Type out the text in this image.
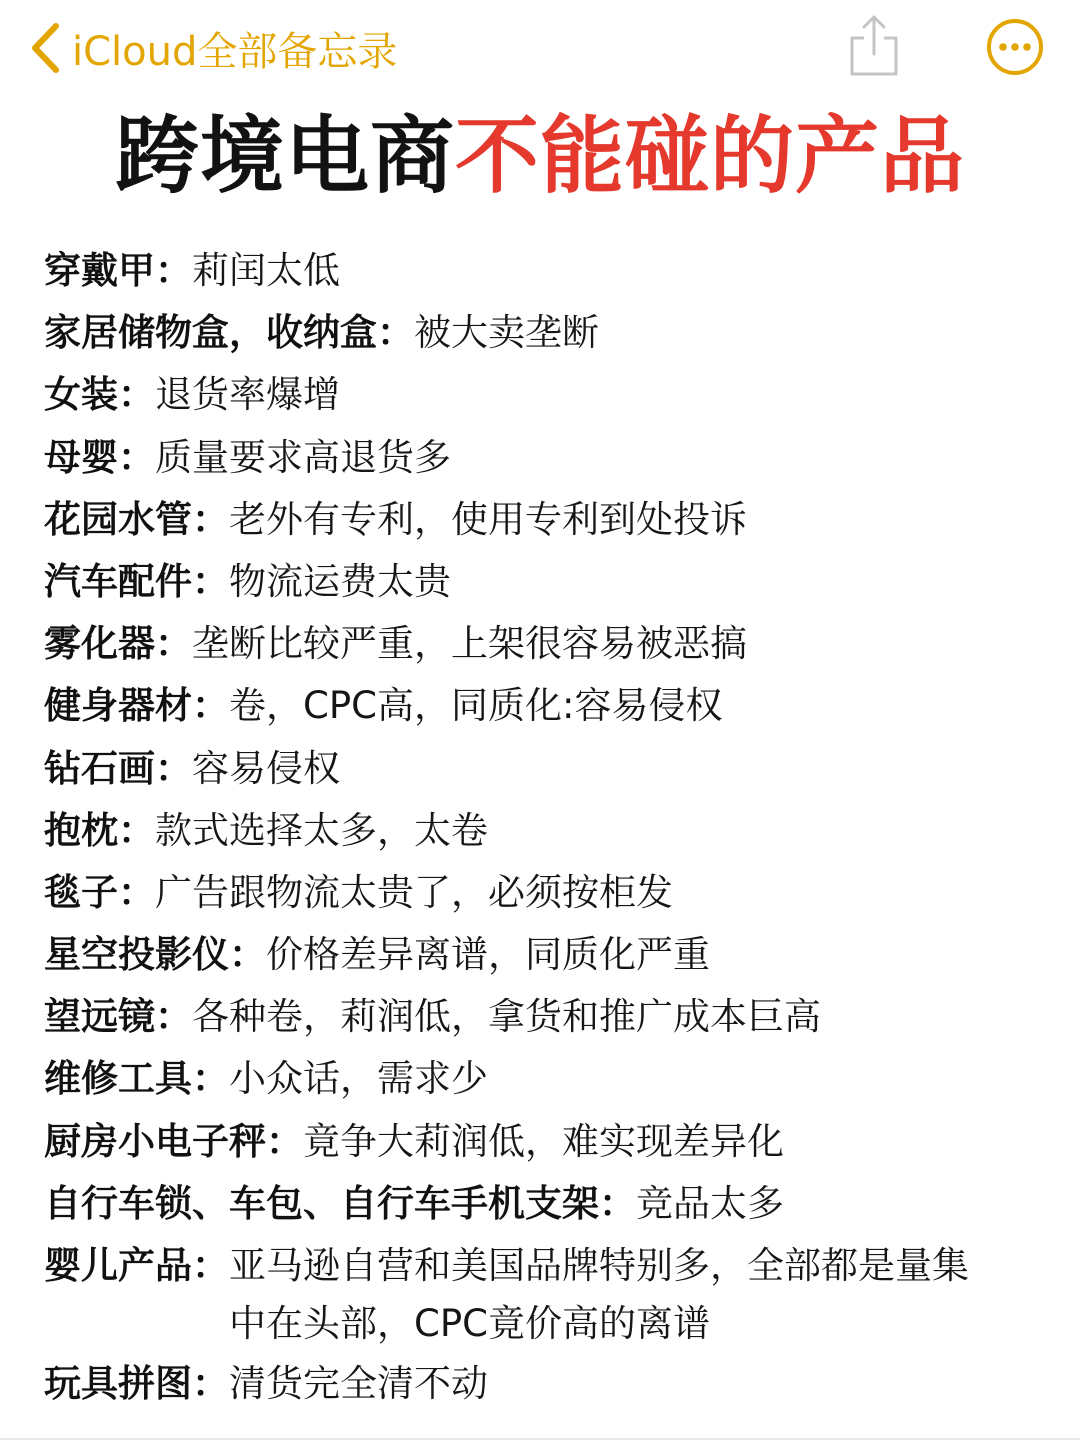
iCloud全部备忘录
跨境电商不能碰的产品
穿戴甲： 莉闰太低
家居储物盒，收纳盒： 被大卖垄断
女装： 退货率爆增
母婴： 质量要求高退货多
花园水管： 老外有专利，使用专利到处投诉
汽车配件： 物流运费太贵
雾化器： 垄断比较严重，上架很容易被恶搞
健身器材： 卷，CPC高，同质化:容易侵权
钻石画： 容易侵权
抱枕： 款式选择太多，太卷
毯子： 广告跟物流太贵了，必须按柜发
星空投影仪： 价格差异离谱，同质化严重
望远镜： 各种卷，莉润低，拿货和推广成本巨高
维修工具： 小众话，需求少
厨房小电子秤： 竟争大莉润低，难实现差异化
自行车锁、车包、自行车手机支架： 竞品太多
婴儿产品： 亚马逊自营和美国品牌特别多，全部都是量集中在头部，CPC竟价高的离谱
玩具拼图： 清货完全清不动
